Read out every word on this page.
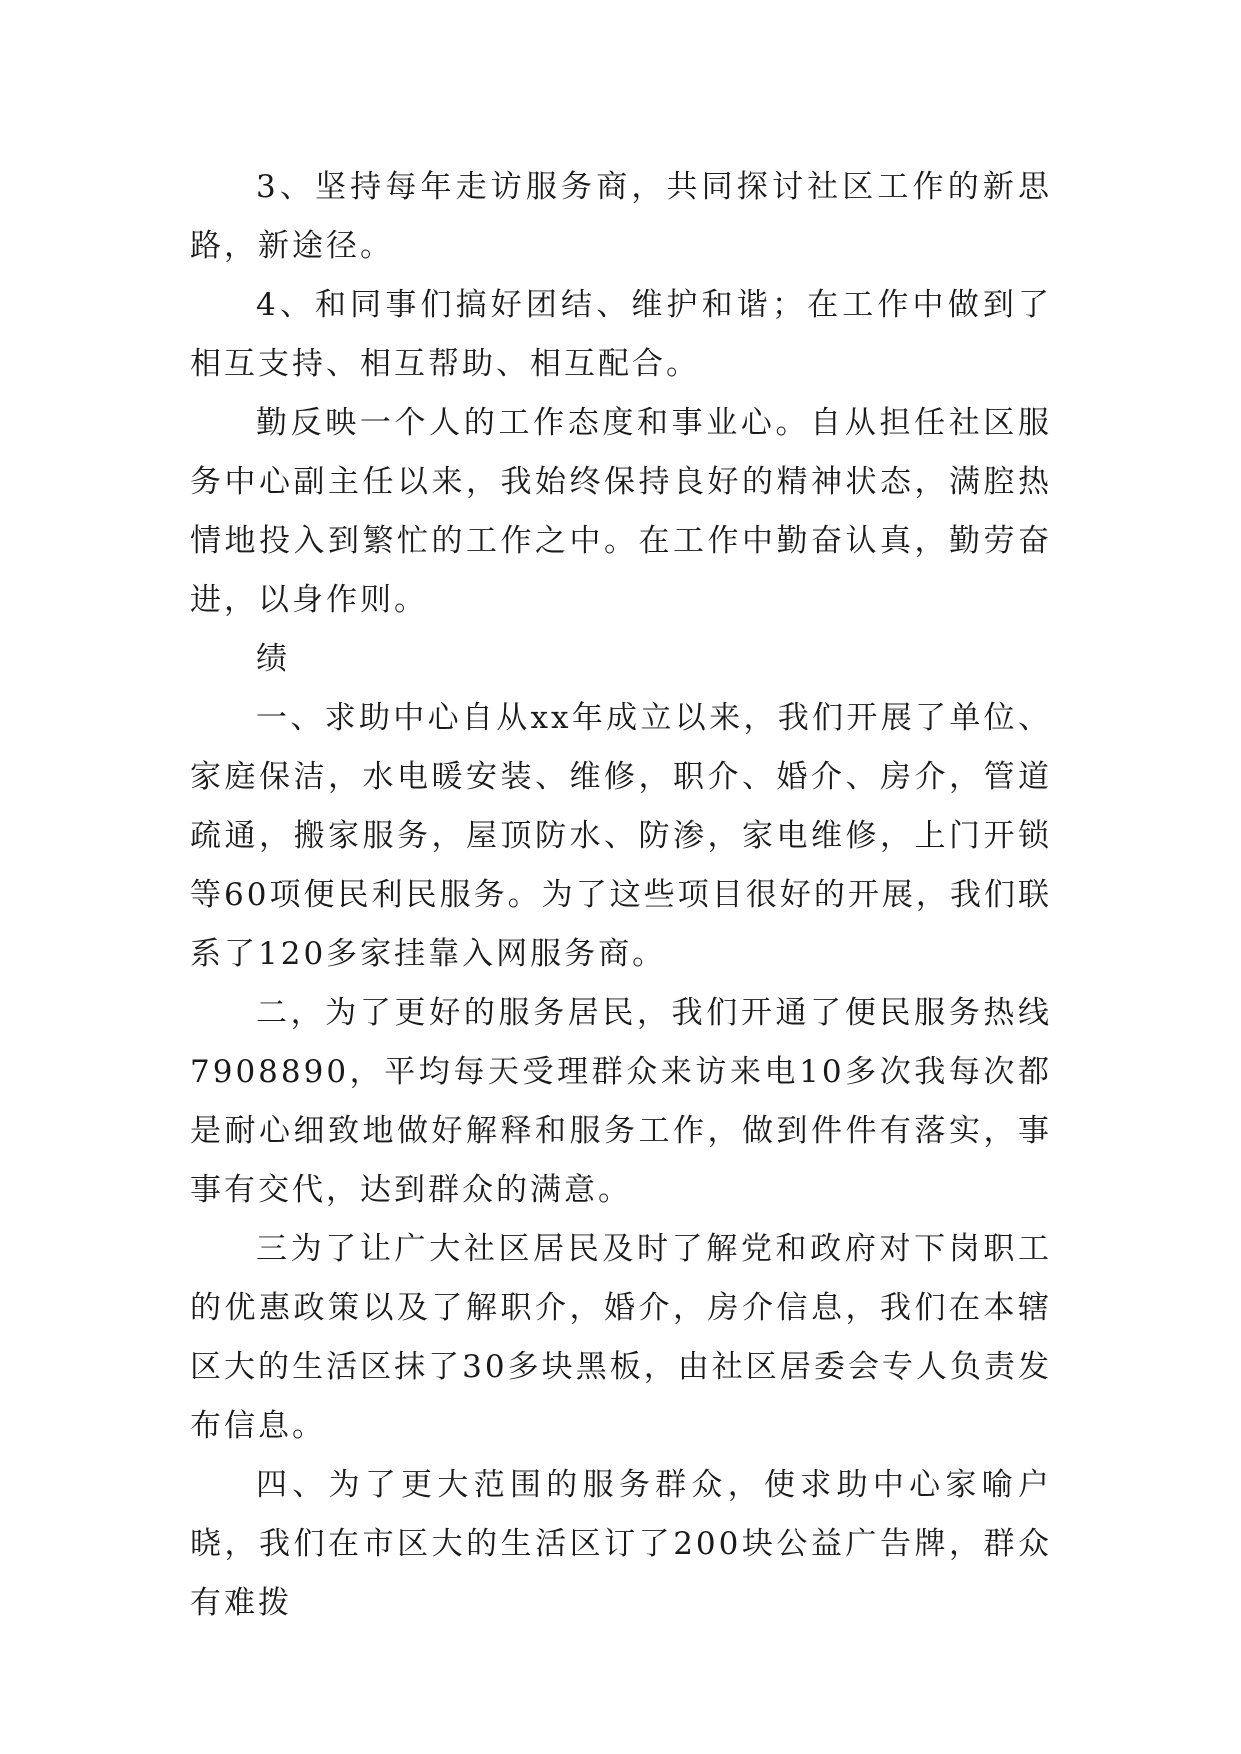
3、坚持每年走访服务商，共同探讨社区工作的新思路，新途径。

4、和同事们搞好团结、维护和谐；在工作中做到了相互支持、相互帮助、相互配合。

勤反映一个人的工作态度和事业心。自从担任社区服务中心副主任以来，我始终保持良好的精神状态，满腔热情地投入到繁忙的工作之中。在工作中勤奋认真，勤劳奋进，以身作则。

绩

一、求助中心自从xx年成立以来，我们开展了单位、家庭保洁，水电暖安装、维修，职介、婚介、房介，管道疏通，搬家服务，屋顶防水、防渗，家电维修，上门开锁等60项便民利民服务。为了这些项目很好的开展，我们联系了120多家挂靠入网服务商。

二，为了更好的服务居民，我们开通了便民服务热线7908890，平均每天受理群众来访来电10多次我每次都是耐心细致地做好解释和服务工作，做到件件有落实，事事有交代，达到群众的满意。

三为了让广大社区居民及时了解党和政府对下岗职工的优惠政策以及了解职介，婚介，房介信息，我们在本辖区大的生活区抹了30多块黑板，由社区居委会专人负责发布信息。

四、为了更大范围的服务群众，使求助中心家喻户晓，我们在市区大的生活区订了200块公益广告牌，群众有难拨
